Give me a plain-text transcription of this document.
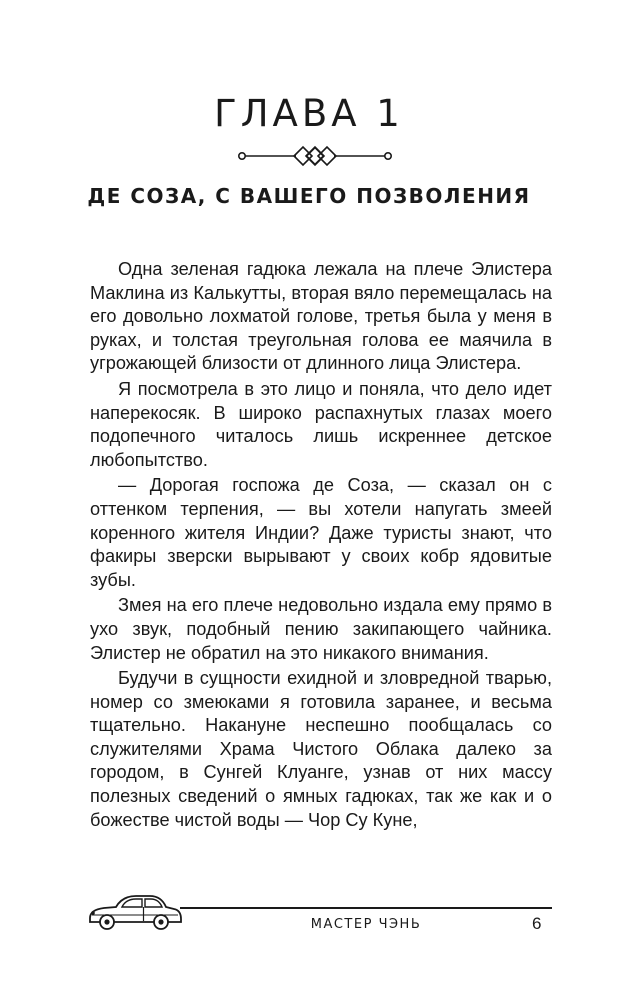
ГЛАВА 1
ДЕ СОЗА, С ВАШЕГО ПОЗВОЛЕНИЯ

Одна зеленая гадюка лежала на плече Элистера Маклина из Калькутты, вторая вяло перемещалась на его довольно лохматой голове, третья была у меня в руках, и толстая треугольная голова ее маячила в угрожающей близости от длинного лица Элистера.

Я посмотрела в это лицо и поняла, что дело идет наперекосяк. В широко распахнутых глазах моего подопечного читалось лишь искреннее детское любопытство.

— Дорогая госпожа де Соза, — сказал он с оттенком терпения, — вы хотели напугать змеей коренного жителя Индии? Даже туристы знают, что факиры зверски вырывают у своих кобр ядовитые зубы.

Змея на его плече недовольно издала ему прямо в ухо звук, подобный пению закипающего чайника. Элистер не обратил на это никакого внимания.

Будучи в сущности ехидной и зловредной тварью, номер со змеюками я готовила заранее, и весьма тщательно. Накануне неспешно пообщалась со служителями Храма Чистого Облака далеко за городом, в Сунгей Клуанге, узнав от них массу полезных сведений о ямных гадюках, так же как и о божестве чистой воды — Чор Су Куне,

МАСТЕР ЧЭНЬ	6
